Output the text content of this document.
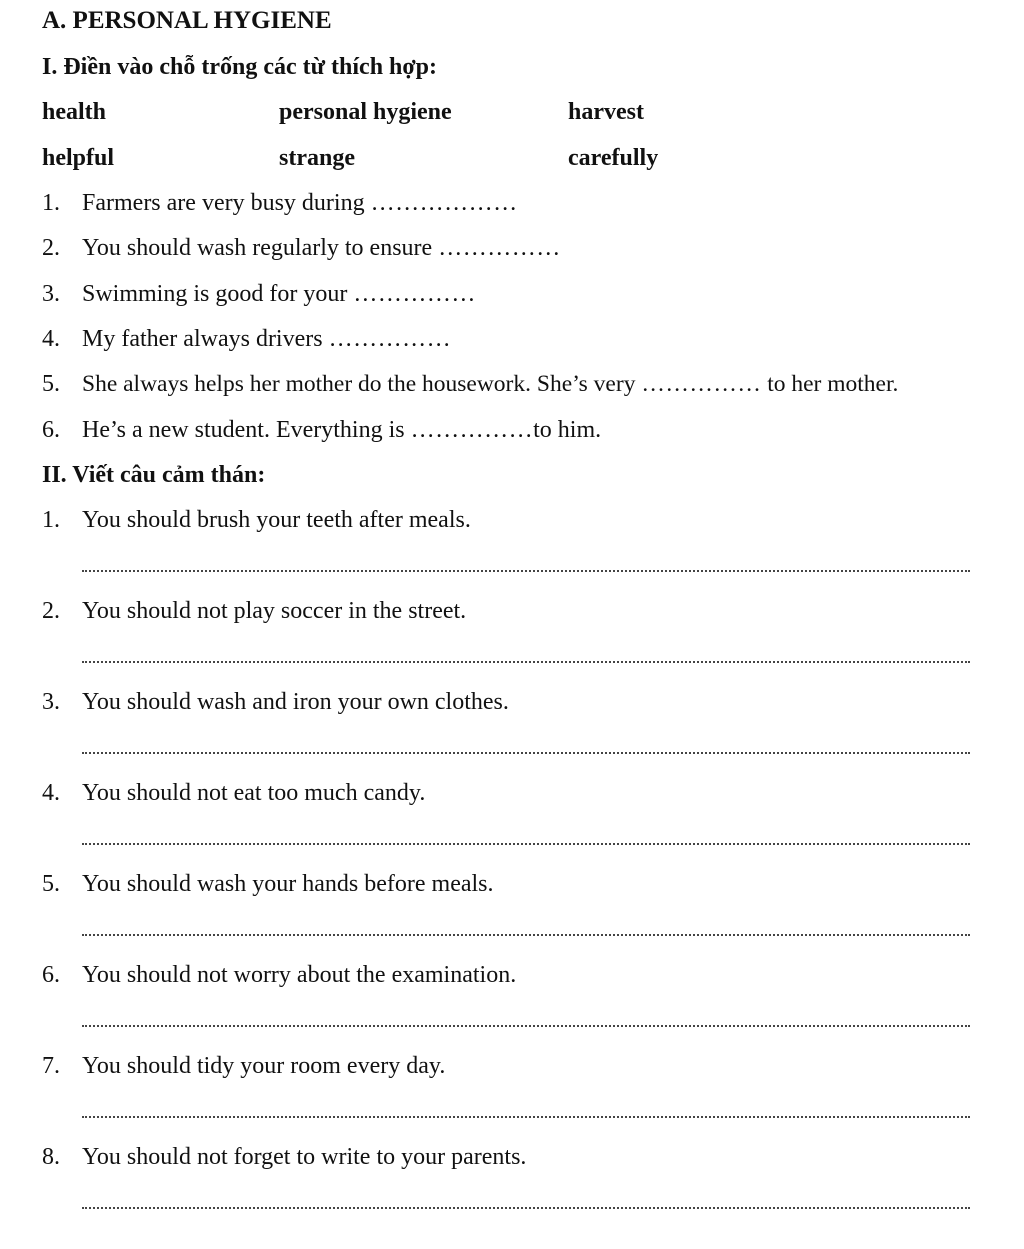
A. PERSONAL HYGIENE
I. Điền vào chỗ trống các từ thích hợp:
health	personal hygiene	harvest
helpful	strange	carefully
1. Farmers are very busy during ………………
2. You should wash regularly to ensure ……………
3. Swimming is good for your ……………
4. My father always drivers ……………
5. She always helps her mother do the housework. She’s very …………… to her mother.
6. He’s a new student. Everything is ……………to him.
II. Viết câu cảm thán:
1. You should brush your teeth after meals.
2. You should not play soccer in the street.
3. You should wash and iron your own clothes.
4. You should not eat too much candy.
5. You should wash your hands before meals.
6. You should not worry about the examination.
7. You should tidy your room every day.
8. You should not forget to write to your parents.
